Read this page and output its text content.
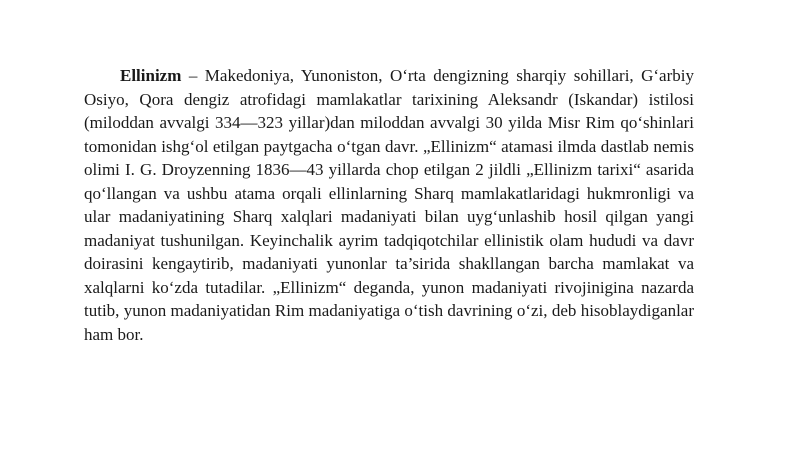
Ellinizm – Makedoniya, Yunoniston, O‘rta dengizning sharqiy sohillari, G‘arbiy Osiyo, Qora dengiz atrofidagi mamlakatlar tarixining Aleksandr (Iskandar) istilosi (miloddan avvalgi 334—323 yillar)dan miloddan avvalgi 30 yilda Misr Rim qo‘shinlari tomonidan ishg‘ol etilgan paytgacha o‘tgan davr. „Ellinizm“ atamasi ilmda dastlab nemis olimi I. G. Droyzenning 1836—43 yillarda chop etilgan 2 jildli „Ellinizm tarixi“ asarida qo‘llangan va ushbu atama orqali ellinlarning Sharq mamlakatlaridagi hukmronligi va ular madaniyatining Sharq xalqlari madaniyati bilan uyg‘unlashib hosil qilgan yangi madaniyat tushunilgan. Keyinchalik ayrim tadqiqotchilar ellinistik olam hududi va davr doirasini kengaytirib, madaniyati yunonlar ta’sirida shakllangan barcha mamlakat va xalqlarni ko‘zda tutadilar. „Ellinizm“ deganda, yunon madaniyati rivojinigina nazarda tutib, yunon madaniyatidan Rim madaniyatiga o‘tish davrining o‘zi, deb hisoblaydiganlar ham bor.
